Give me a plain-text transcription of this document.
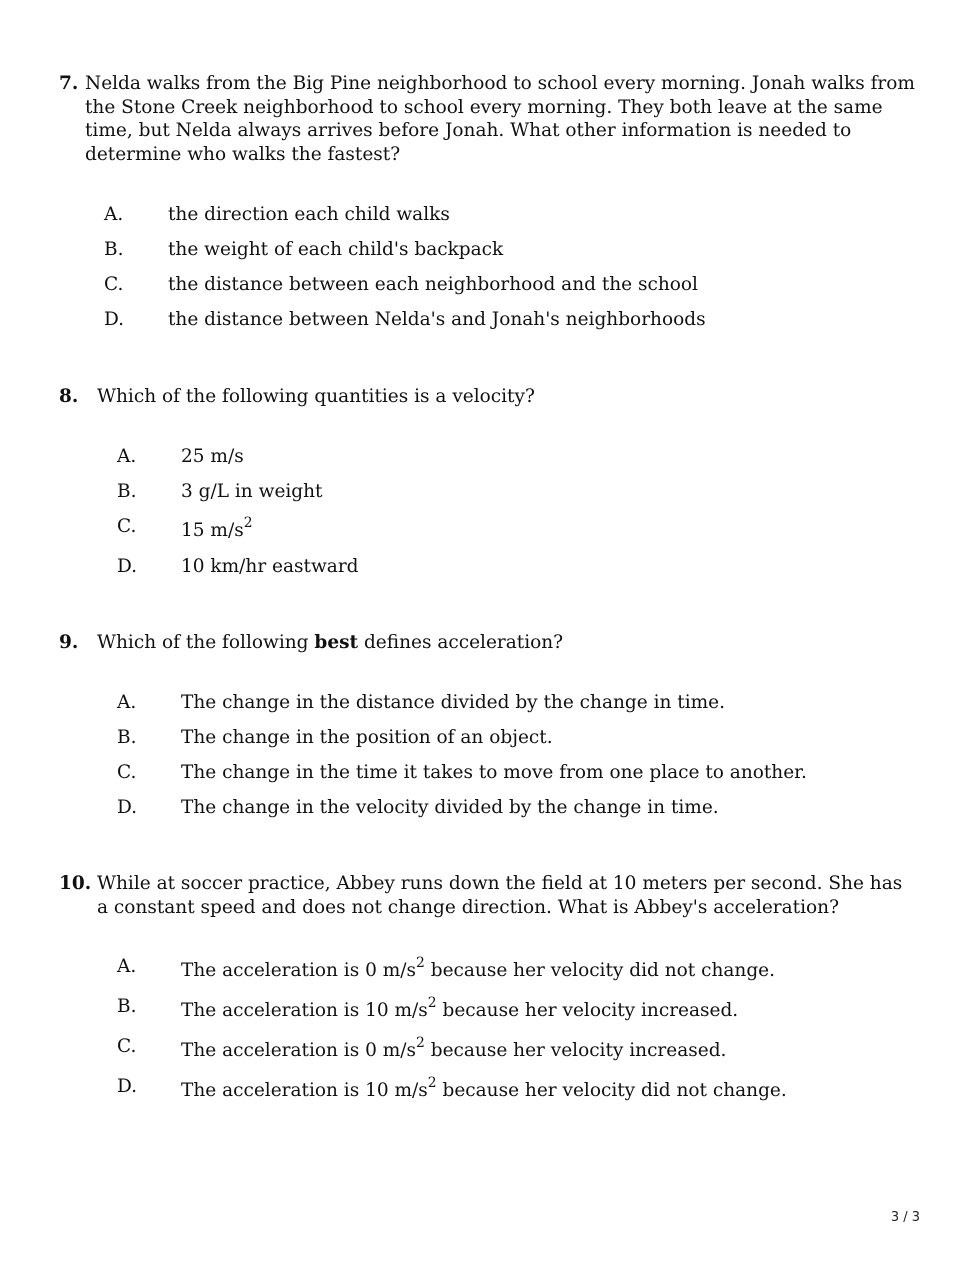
7. Nelda walks from the Big Pine neighborhood to school every morning. Jonah walks from the Stone Creek neighborhood to school every morning. They both leave at the same time, but Nelda always arrives before Jonah. What other information is needed to determine who walks the fastest?
A. the direction each child walks
B. the weight of each child's backpack
C. the distance between each neighborhood and the school
D. the distance between Nelda's and Jonah's neighborhoods
8.	Which of the following quantities is a velocity?
A. 25 m/s
B. 3 g/L in weight
C. 15 $m/s^2$
D. 10 km/hr eastward
9.	Which of the following best defines acceleration?
A. The change in the distance divided by the change in time.
B. The change in the position of an object.
C. The change in the time it takes to move from one place to another.
D. The change in the velocity divided by the change in time.
10. While at soccer practice, Abbey runs down the field at 10 meters per second. She has a constant speed and does not change direction. What is Abbey's acceleration?
A. The acceleration is 0 $m/s^2$ because her velocity did not change.
B. The acceleration is 10 $m/s^2$ because her velocity increased.
C. The acceleration is 0 $m/s^2$ because her velocity increased.
D. The acceleration is 10 $m/s^2$ because her velocity did not change.
3 / 3
